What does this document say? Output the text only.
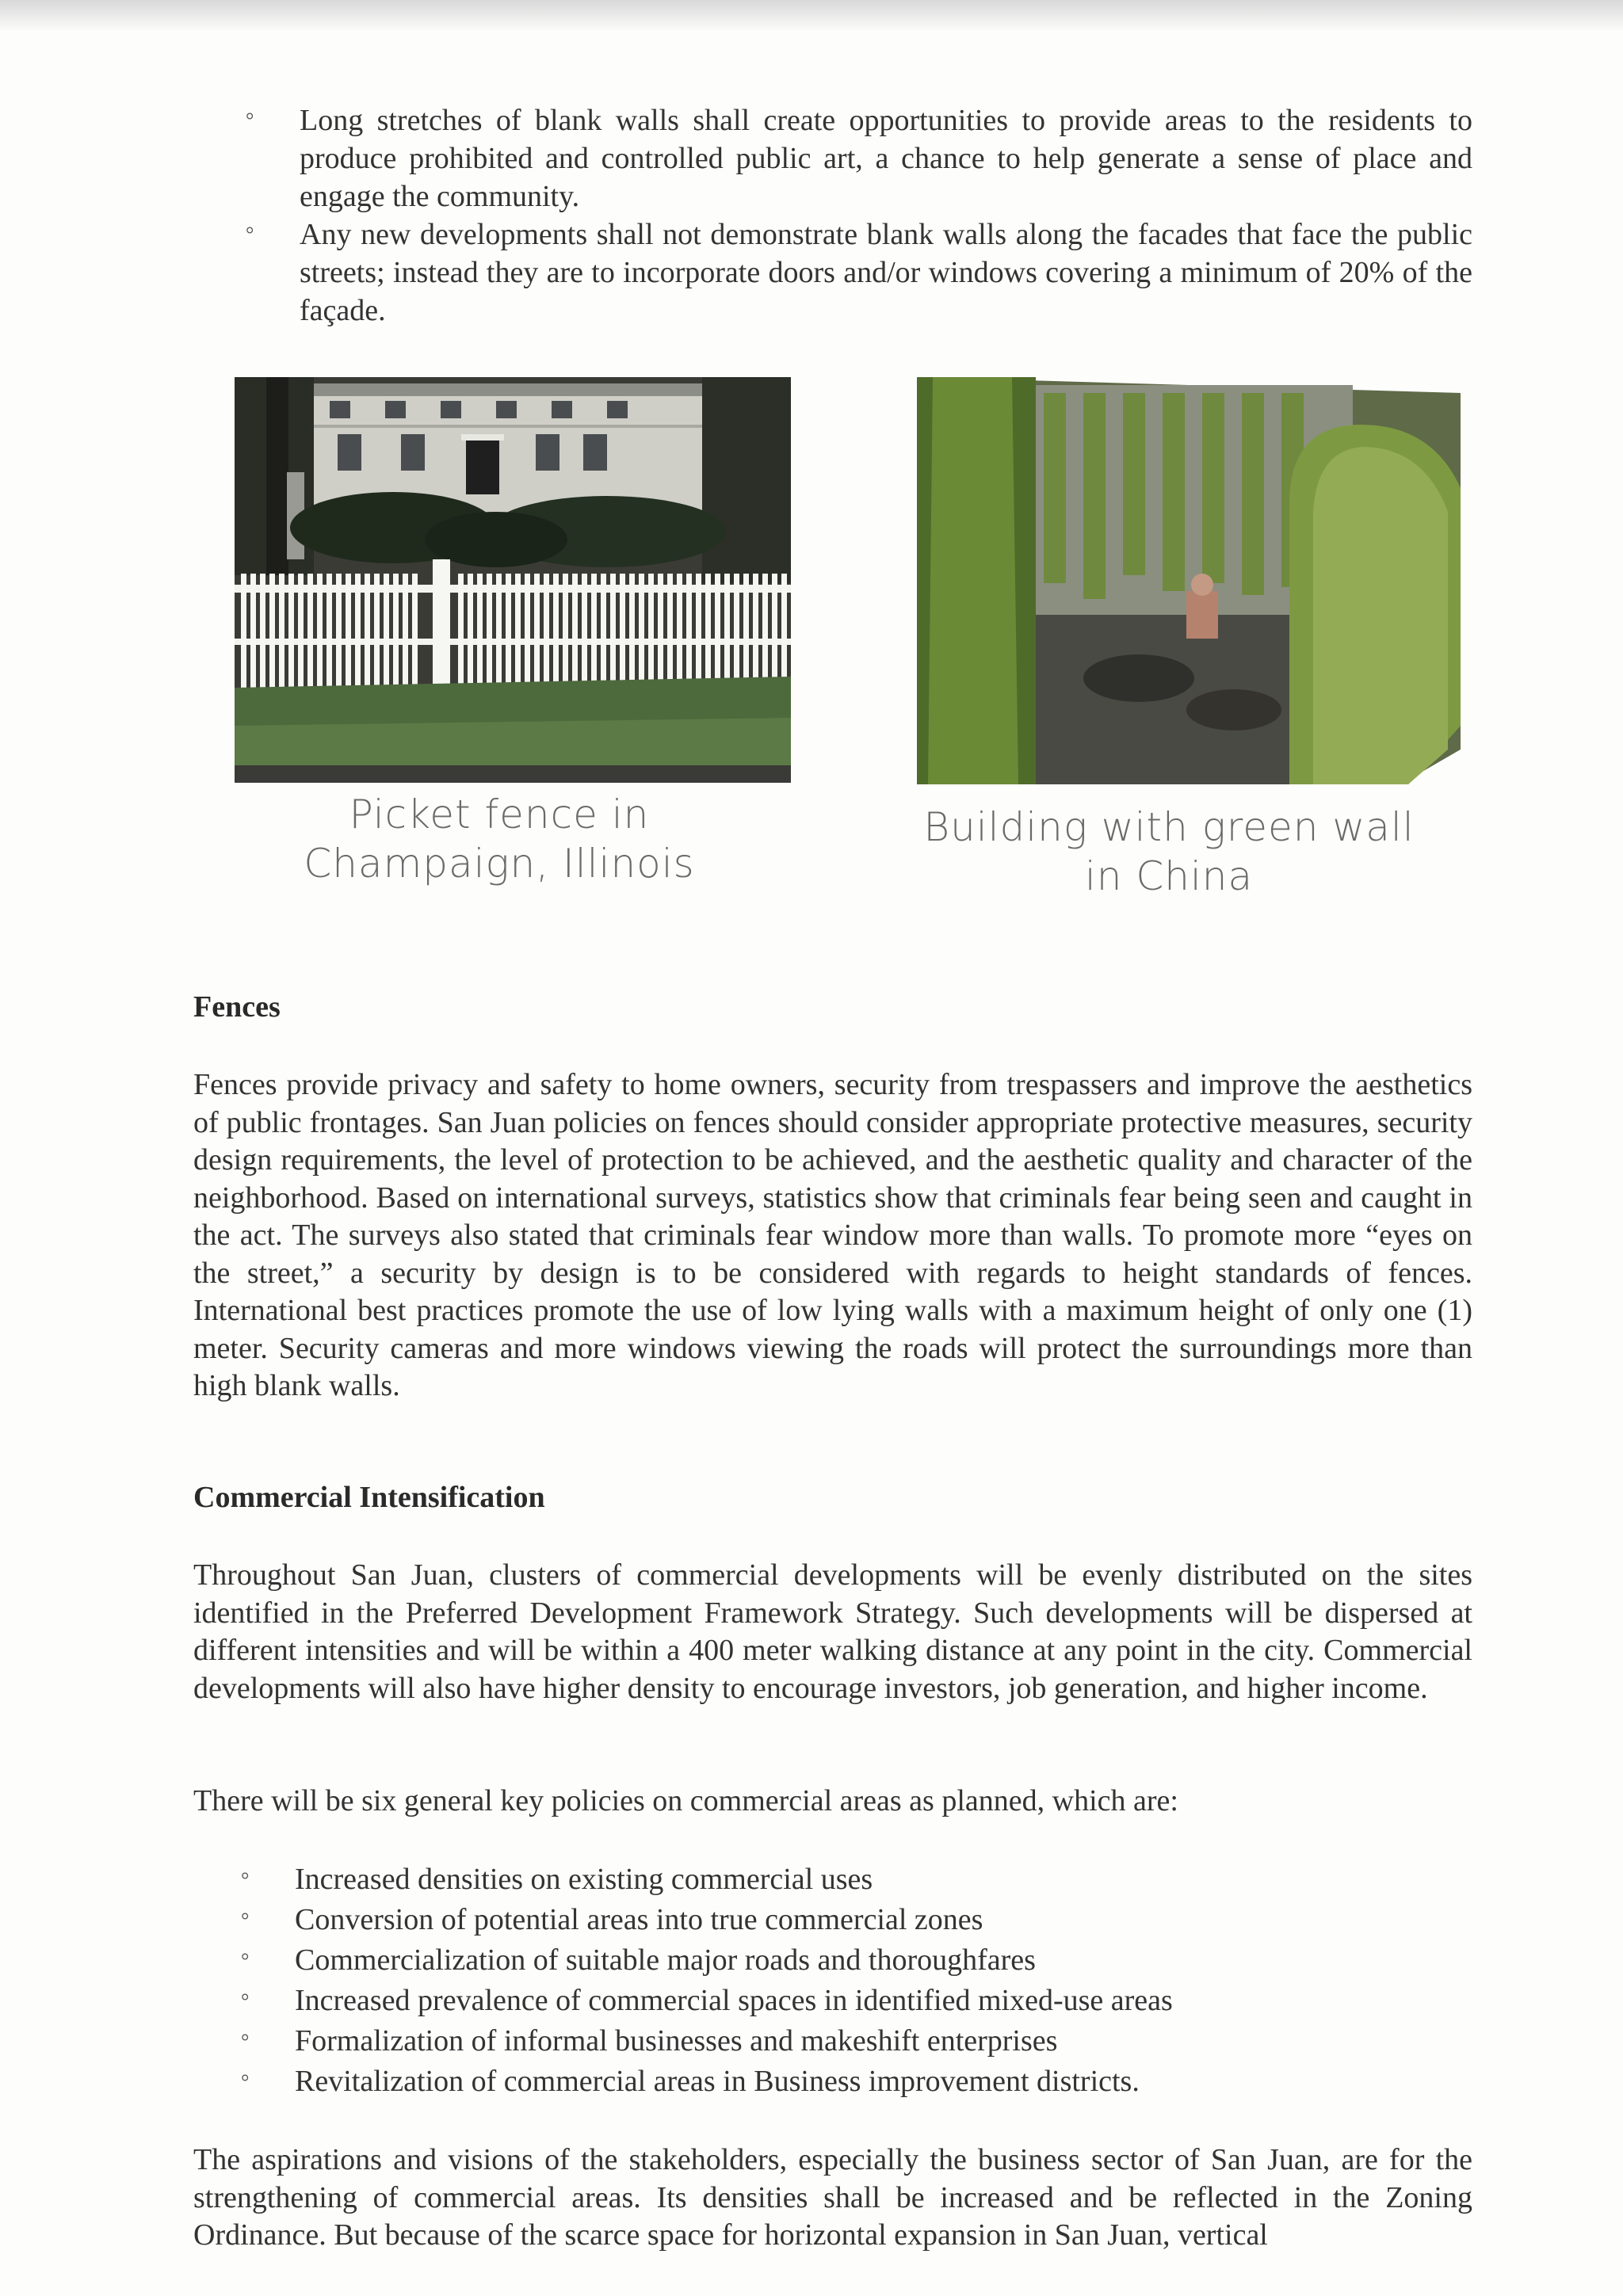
° Long stretches of blank walls shall create opportunities to provide areas to the residents to produce prohibited and controlled public art, a chance to help generate a sense of place and engage the community.
° Any new developments shall not demonstrate blank walls along the facades that face the public streets; instead they are to incorporate doors and/or windows covering a minimum of 20% of the façade.
Picket fence in
Champaign, Illinois
Building with green wall
in China
Fences

Fences provide privacy and safety to home owners, security from trespassers and improve the aesthetics of public frontages. San Juan policies on fences should consider appropriate protective measures, security design requirements, the level of protection to be achieved, and the aesthetic quality and character of the neighborhood. Based on international surveys, statistics show that criminals fear being seen and caught in the act. The surveys also stated that criminals fear window more than walls. To promote more “eyes on the street,” a security by design is to be considered with regards to height standards of fences. International best practices promote the use of low lying walls with a maximum height of only one (1) meter. Security cameras and more windows viewing the roads will protect the surroundings more than high blank walls.

Commercial Intensification

Throughout San Juan, clusters of commercial developments will be evenly distributed on the sites identified in the Preferred Development Framework Strategy. Such developments will be dispersed at different intensities and will be within a 400 meter walking distance at any point in the city. Commercial developments will also have higher density to encourage investors, job generation, and higher income.

There will be six general key policies on commercial areas as planned, which are:

° Increased densities on existing commercial uses
° Conversion of potential areas into true commercial zones
° Commercialization of suitable major roads and thoroughfares
° Increased prevalence of commercial spaces in identified mixed-use areas
° Formalization of informal businesses and makeshift enterprises
° Revitalization of commercial areas in Business improvement districts.

The aspirations and visions of the stakeholders, especially the business sector of San Juan, are for the strengthening of commercial areas. Its densities shall be increased and be reflected in the Zoning Ordinance. But because of the scarce space for horizontal expansion in San Juan, vertical
